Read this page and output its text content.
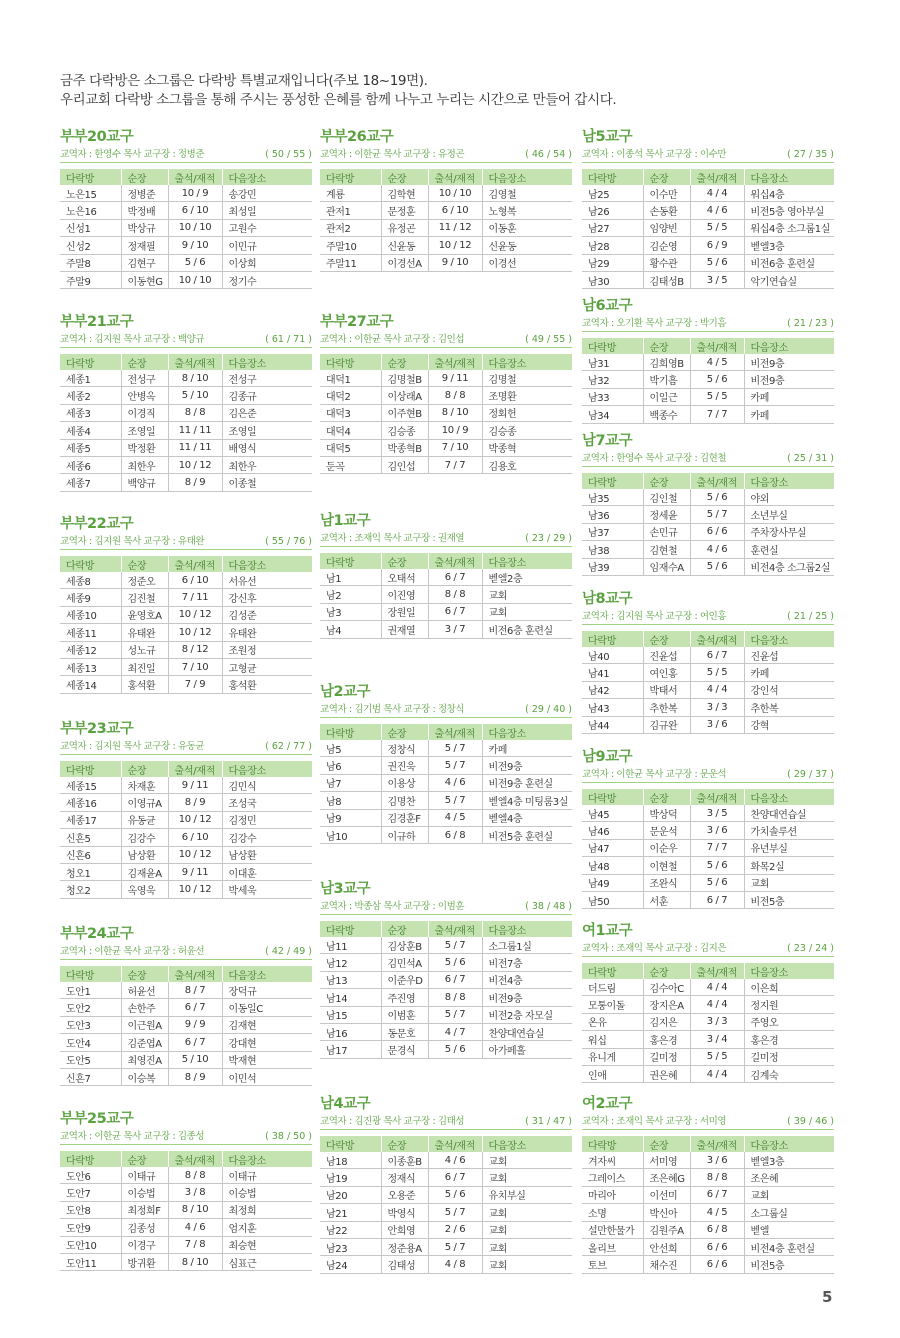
금주 다락방은 소그룹은 다락방 특별교재입니다(주보 18~19면).
우리교회 다락방 소그룹을 통해 주시는 풍성한 은혜를 함께 나누고 누리는 시간으로 만들어 갑시다.
부부20교구
교역자 : 한영수 목사 교구장 : 정병준	( 50 / 55 )
다락방	순장	출석/재적	다음장소
노은15	정병준	10 / 9	송강민
노은16	박정배	6 / 10	최성일
신성1	박상규	10 / 10	고원수
신성2	정재필	9 / 10	이민규
주말8	김현구	5 / 6	이상희
주말9	이동현G	10 / 10	정기수
부부21교구
교역자 : 김지원 목사 교구장 : 백양규	( 61 / 71 )
다락방	순장	출석/재적	다음장소
세종1	전성구	8 / 10	전성구
세종2	안병옥	5 / 10	김종규
세종3	이경직	8 / 8	김은준
세종4	조영일	11 / 11	조영일
세종5	박정환	11 / 11	배영식
세종6	최한우	10 / 12	최한우
세종7	백양규	8 / 9	이종철
부부22교구
교역자 : 김지원 목사 교구장 : 유태완	( 55 / 76 )
다락방	순장	출석/재적	다음장소
세종8	정준오	6 / 10	서유선
세종9	김진철	7 / 11	강신후
세종10	윤영호A	10 / 12	김성준
세종11	유태완	10 / 12	유태완
세종12	성노규	8 / 12	조원정
세종13	최진일	7 / 10	고형균
세종14	홍석환	7 / 9	홍석환
부부23교구
교역자 : 김지원 목사 교구장 : 유동균	( 62 / 77 )
다락방	순장	출석/재적	다음장소
세종15	차재훈	9 / 11	김민식
세종16	이영규A	8 / 9	조성국
세종17	유동균	10 / 12	김정민
신흔5	김강수	6 / 10	김강수
신흔6	남상환	10 / 12	남상환
청오1	김재윤A	9 / 11	이대훈
청오2	옥영욱	10 / 12	박세욱
부부24교구
교역자 : 이한균 목사 교구장 : 허윤선	( 42 / 49 )
다락방	순장	출석/재적	다음장소
도안1	허윤선	8 / 7	장덕규
도안2	손한주	6 / 7	이동일C
도안3	이근원A	9 / 9	김재현
도안4	김준엽A	6 / 7	강대현
도안5	최영진A	5 / 10	박재현
신흔7	이승복	8 / 9	이민석
부부25교구
교역자 : 이한균 목사 교구장 : 김종성	( 38 / 50 )
다락방	순장	출석/재적	다음장소
도안6	이태규	8 / 8	이태규
도안7	이승법	3 / 8	이승법
도안8	최정희F	8 / 10	최정희
도안9	김종성	4 / 6	엄지훈
도안10	이경구	7 / 8	최승현
도안11	방귀환	8 / 10	심표근
부부26교구
교역자 : 이한균 목사 교구장 : 유정곤	( 46 / 54 )
다락방	순장	출석/재적	다음장소
계룡	김학현	10 / 10	김영철
관저1	문정훈	6 / 10	노형복
관저2	유정곤	11 / 12	이동훈
주말10	신윤동	10 / 12	신윤동
주말11	이경선A	9 / 10	이경선
부부27교구
교역자 : 이한균 목사 교구장 : 김인섭	( 49 / 55 )
다락방	순장	출석/재적	다음장소
대덕1	김명철B	9 / 11	김명철
대덕2	이상래A	8 / 8	조명환
대덕3	이주현B	8 / 10	정회헌
대덕4	김승종	10 / 9	김승종
대덕5	박종혁B	7 / 10	박종혁
둔곡	김인섭	7 / 7	김용호
남1교구
교역자 : 조재익 목사 교구장 : 권재열	( 23 / 29 )
다락방	순장	출석/재적	다음장소
남1	오태석	6 / 7	벧엘2층
남2	이진영	8 / 8	교회
남3	장원일	6 / 7	교회
남4	권재열	3 / 7	비전6층 훈련실
남2교구
교역자 : 김기범 목사 교구장 : 정창식	( 29 / 40 )
다락방	순장	출석/재적	다음장소
남5	정창식	5 / 7	카페
남6	권진욱	5 / 7	비전9층
남7	이용상	4 / 6	비전9층 훈련실
남8	김명찬	5 / 7	벧엘4층 미팅룸3실
남9	김경훈F	4 / 5	벧엘4층
남10	이규하	6 / 8	비전5층 훈련실
남3교구
교역자 : 박종삼 목사 교구장 : 이범훈	( 38 / 48 )
다락방	순장	출석/재적	다음장소
남11	김상훈B	5 / 7	소그룹1실
남12	김민석A	5 / 6	비전7층
남13	이준우D	6 / 7	비전4층
남14	주진영	8 / 8	비전9층
남15	이범훈	5 / 7	비전2층 자모실
남16	동문호	4 / 7	찬양대연습실
남17	문경식	5 / 6	아가페홀
남4교구
교역자 : 김진광 목사 교구장 : 김태성	( 31 / 47 )
다락방	순장	출석/재적	다음장소
남18	이종훈B	4 / 6	교회
남19	정재식	6 / 7	교회
남20	오용준	5 / 6	유치부실
남21	박영식	5 / 7	교회
남22	안희영	2 / 6	교회
남23	정준용A	5 / 7	교회
남24	김태성	4 / 8	교회
남5교구
교역자 : 이종석 목사 교구장 : 이수만	( 27 / 35 )
다락방	순장	출석/재적	다음장소
남25	이수만	4 / 4	워십4층
남26	손동환	4 / 6	비전5층 영아부실
남27	임양빈	5 / 5	워십4층 소그룹1실
남28	김순영	6 / 9	벧엘3층
남29	황수관	5 / 6	비전6층 훈련실
남30	김태성B	3 / 5	악기연습실
남6교구
교역자 : 오기환 목사 교구장 : 박기흠	( 21 / 23 )
다락방	순장	출석/재적	다음장소
남31	김희영B	4 / 5	비전9층
남32	박기흠	5 / 6	비전9층
남33	이일근	5 / 5	카페
남34	백종수	7 / 7	카페
남7교구
교역자 : 한영수 목사 교구장 : 김현철	( 25 / 31 )
다락방	순장	출석/재적	다음장소
남35	김인철	5 / 6	야외
남36	정세윤	5 / 7	소년부실
남37	손민규	6 / 6	주차장사무실
남38	김현철	4 / 6	훈련실
남39	임재수A	5 / 6	비전4층 소그룹2실
남8교구
교역자 : 김지원 목사 교구장 : 여인홍	( 21 / 25 )
다락방	순장	출석/재적	다음장소
남40	진윤섭	6 / 7	진윤섭
남41	여인홍	5 / 5	카페
남42	박태서	4 / 4	강인석
남43	추한복	3 / 3	추한복
남44	김규완	3 / 6	강혁
남9교구
교역자 : 이한균 목사 교구장 : 문운석	( 29 / 37 )
다락방	순장	출석/재적	다음장소
남45	박상덕	3 / 5	찬양대연습실
남46	문운석	3 / 6	가치솔루션
남47	이순우	7 / 7	유년부실
남48	이현철	5 / 6	화목2실
남49	조완식	5 / 6	교회
남50	서훈	6 / 7	비전5층
여1교구
교역자 : 조재익 목사 교구장 : 김지은	( 23 / 24 )
다락방	순장	출석/재적	다음장소
더드림	김수아C	4 / 4	이은희
모퉁이돌	장지은A	4 / 4	정지원
온유	김지은	3 / 3	주영오
워십	홍은경	3 / 4	홍은경
유니게	길미정	5 / 5	길미정
인애	권은혜	4 / 4	김계숙
여2교구
교역자 : 조재익 목사 교구장 : 서미영	( 39 / 46 )
다락방	순장	출석/재적	다음장소
겨자씨	서미영	3 / 6	벧엘3층
그레이스	조은혜G	8 / 8	조은혜
마리아	이선미	6 / 7	교회
소명	박신아	4 / 5	소그룹실
설만한물가	김원주A	6 / 8	벧엘
올리브	안선희	6 / 6	비전4층 훈련실
토브	채수진	6 / 6	비전5층
5
